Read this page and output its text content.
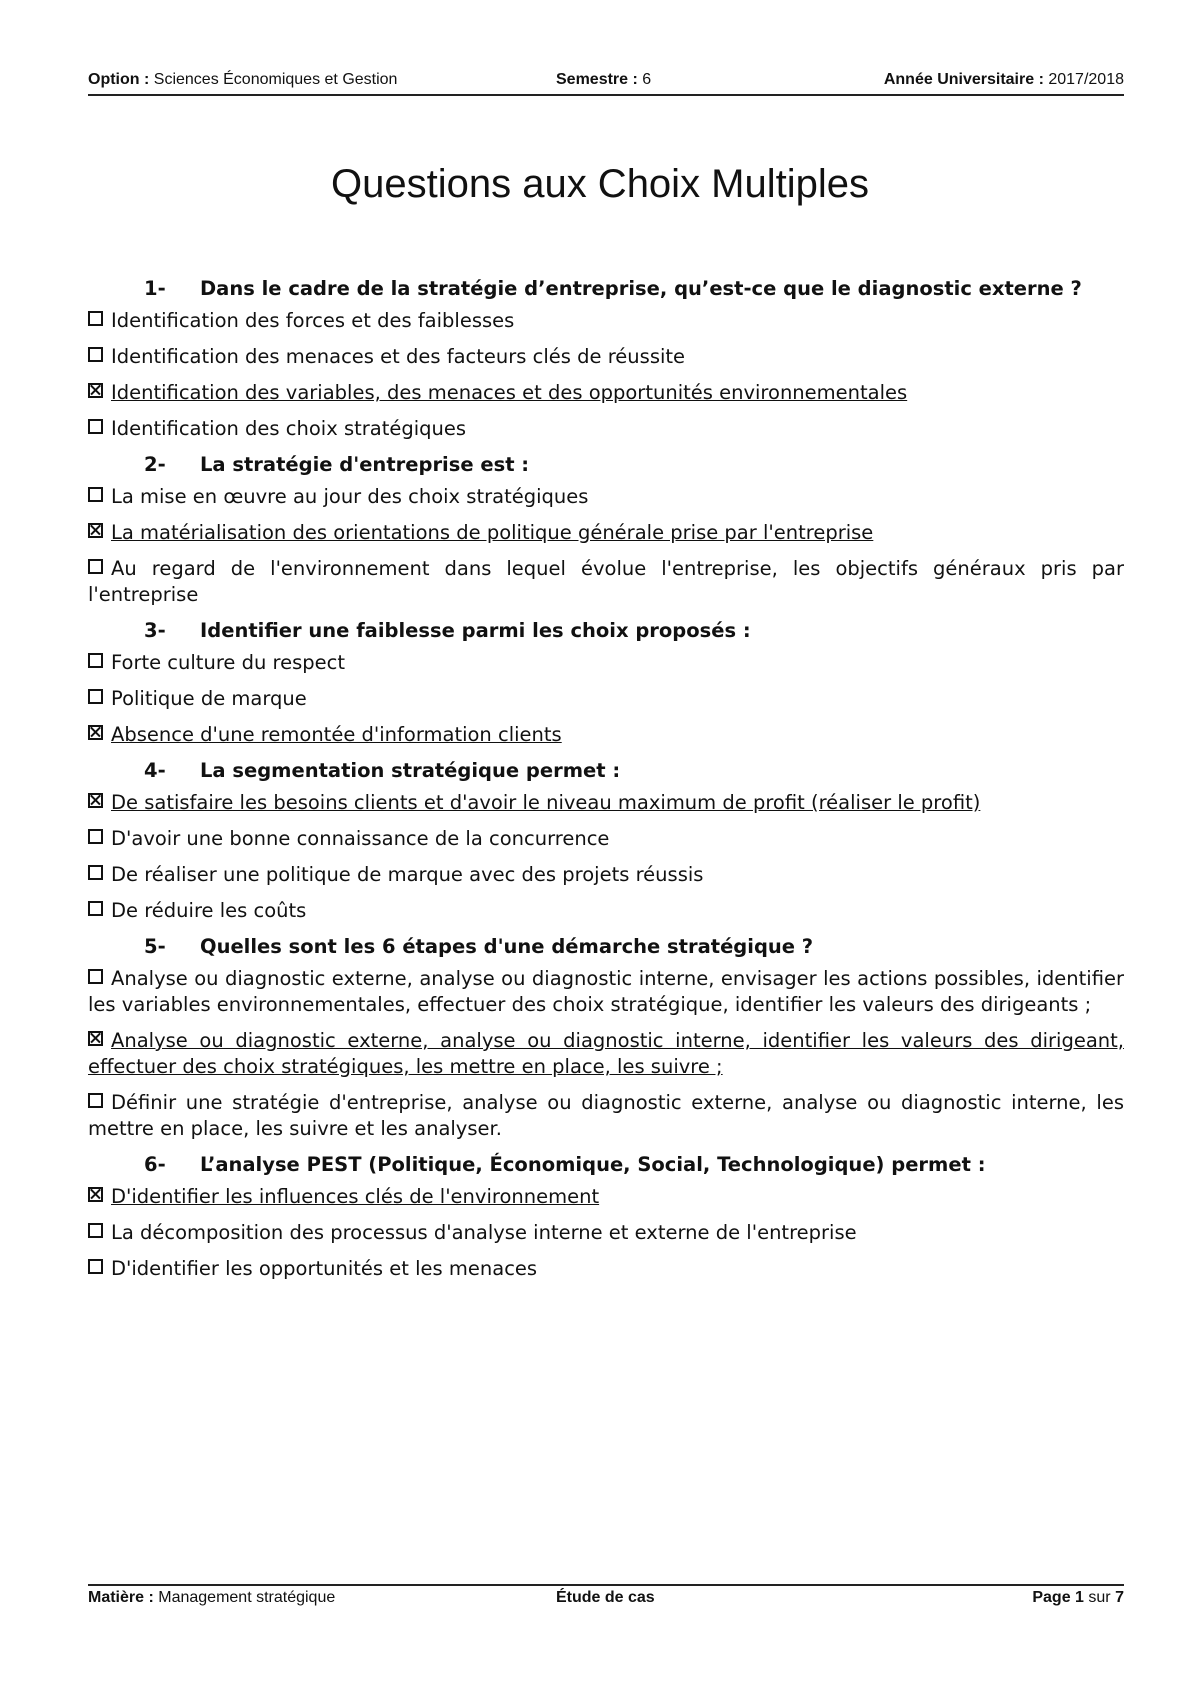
Option : Sciences Économiques et Gestion	Semestre : 6	Année Universitaire : 2017/2018
Questions aux Choix Multiples
1-	Dans le cadre de la stratégie d’entreprise, qu’est-ce que le diagnostic externe ?
Identification des forces et des faiblesses
Identification des menaces et des facteurs clés de réussite
Identification des variables, des menaces et des opportunités environnementales
Identification des choix stratégiques
2-	La stratégie d'entreprise est :
La mise en œuvre au jour des choix stratégiques
La matérialisation des orientations de politique générale prise par l'entreprise
Au regard de l'environnement dans lequel évolue l'entreprise, les objectifs généraux pris par l'entreprise
3-	Identifier une faiblesse parmi les choix proposés :
Forte culture du respect
Politique de marque
Absence d'une remontée d'information clients
4-	La segmentation stratégique permet :
De satisfaire les besoins clients et d'avoir le niveau maximum de profit (réaliser le profit)
D'avoir une bonne connaissance de la concurrence
De réaliser une politique de marque avec des projets réussis
De réduire les coûts
5-	Quelles sont les 6 étapes d'une démarche stratégique ?
Analyse ou diagnostic externe, analyse ou diagnostic interne, envisager les actions possibles, identifier les variables environnementales, effectuer des choix stratégique, identifier les valeurs des dirigeants ;
Analyse ou diagnostic externe, analyse ou diagnostic interne, identifier les valeurs des dirigeant, effectuer des choix stratégiques, les mettre en place, les suivre ;
Définir une stratégie d'entreprise, analyse ou diagnostic externe, analyse ou diagnostic interne, les mettre en place, les suivre et les analyser.
6-	L’analyse PEST (Politique, Économique, Social, Technologique) permet :
D'identifier les influences clés de l'environnement
La décomposition des processus d'analyse interne et externe de l'entreprise
D'identifier les opportunités et les menaces
Matière : Management stratégique	Étude de cas	Page 1 sur 7
